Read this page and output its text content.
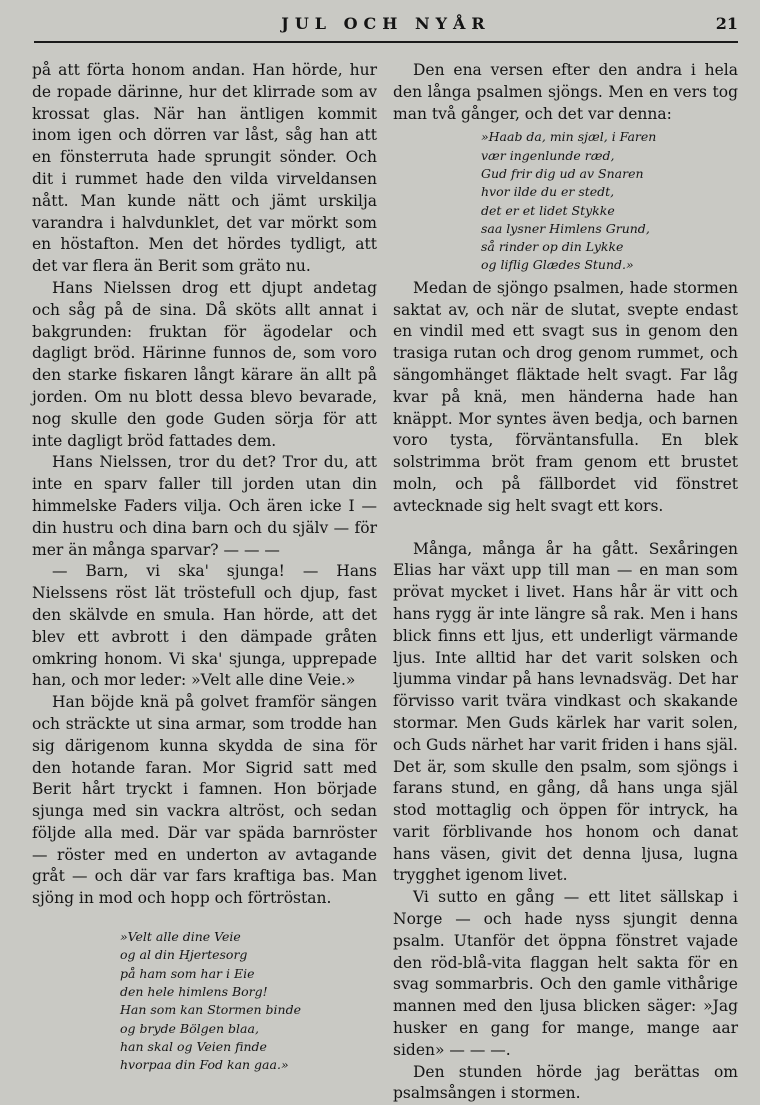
JUL OCH NYÅR	21

på att förta honom andan. Han hörde, hur de ropade därinne, hur det klirrade som av krossat glas. När han äntligen kommit inom igen och dörren var låst, såg han att en fönsterruta hade sprungit sönder. Och dit i rummet hade den vilda virveldansen nått. Man kunde nätt och jämt urskilja varandra i halvdunklet, det var mörkt som en höstafton. Men det hördes tydligt, att det var flera än Berit som gräto nu.

Hans Nielssen drog ett djupt andetag och såg på de sina. Då sköts allt annat i bakgrunden: fruktan för ägodelar och dagligt bröd. Härinne funnos de, som voro den starke fiskaren långt kärare än allt på jorden. Om nu blott dessa blevo bevarade, nog skulle den gode Guden sörja för att inte dagligt bröd fattades dem.

Hans Nielssen, tror du det? Tror du, att inte en sparv faller till jorden utan din himmelske Faders vilja. Och ären icke I — din hustru och dina barn och du själv — för mer än många sparvar? — — —

— Barn, vi ska' sjunga! — Hans Nielssens röst lät tröstefull och djup, fast den skälvde en smula. Han hörde, att det blev ett avbrott i den dämpade gråten omkring honom. Vi ska' sjunga, upprepade han, och mor leder: »Velt alle dine Veie.»

Han böjde knä på golvet framför sängen och sträckte ut sina armar, som trodde han sig därigenom kunna skydda de sina för den hotande faran. Mor Sigrid satt med Berit hårt tryckt i famnen. Hon började sjunga med sin vackra altröst, och sedan följde alla med. Där var späda barnröster — röster med en underton av avtagande gråt — och där var fars kraftiga bas. Man sjöng in mod och hopp och förtröstan.

»Velt alle dine Veie
og al din Hjertesorg
på ham som har i Eie
den hele himlens Borg!
Han som kan Stormen binde
og bryde Bölgen blaa,
han skal og Veien finde
hvorpaa din Fod kan gaa.»

Den ena versen efter den andra i hela den långa psalmen sjöngs. Men en vers tog man två gånger, och det var denna:

»Haab da, min sjæl, i Faren
vær ingenlunde ræd,
Gud frir dig ud av Snaren
hvor ilde du er stedt,
det er et lidet Stykke
saa lysner Himlens Grund,
så rinder op din Lykke
og liflig Glædes Stund.»

Medan de sjöngo psalmen, hade stormen saktat av, och när de slutat, svepte endast en vindil med ett svagt sus in genom den trasiga rutan och drog genom rummet, och sängomhänget fläktade helt svagt. Far låg kvar på knä, men händerna hade han knäppt. Mor syntes även bedja, och barnen voro tysta, förväntansfulla. En blek solstrimma bröt fram genom ett brustet moln, och på fällbordet vid fönstret avtecknade sig helt svagt ett kors.

Många, många år ha gått. Sexåringen Elias har växt upp till man — en man som prövat mycket i livet. Hans hår är vitt och hans rygg är inte längre så rak. Men i hans blick finns ett ljus, ett underligt värmande ljus. Inte alltid har det varit solsken och ljumma vindar på hans levnadsväg. Det har förvisso varit tvära vindkast och skakande stormar. Men Guds kärlek har varit solen, och Guds närhet har varit friden i hans själ. Det är, som skulle den psalm, som sjöngs i farans stund, en gång, då hans unga själ stod mottaglig och öppen för intryck, ha varit förblivande hos honom och danat hans väsen, givit det denna ljusa, lugna trygghet igenom livet.

Vi sutto en gång — ett litet sällskap i Norge — och hade nyss sjungit denna psalm. Utanför det öppna fönstret vajade den röd-blå-vita flaggan helt sakta för en svag sommarbris. Och den gamle vithårige mannen med den ljusa blicken säger: »Jag husker en gang for mange, mange aar siden» — — —.

Den stunden hörde jag berättas om psalmsången i stormen.
